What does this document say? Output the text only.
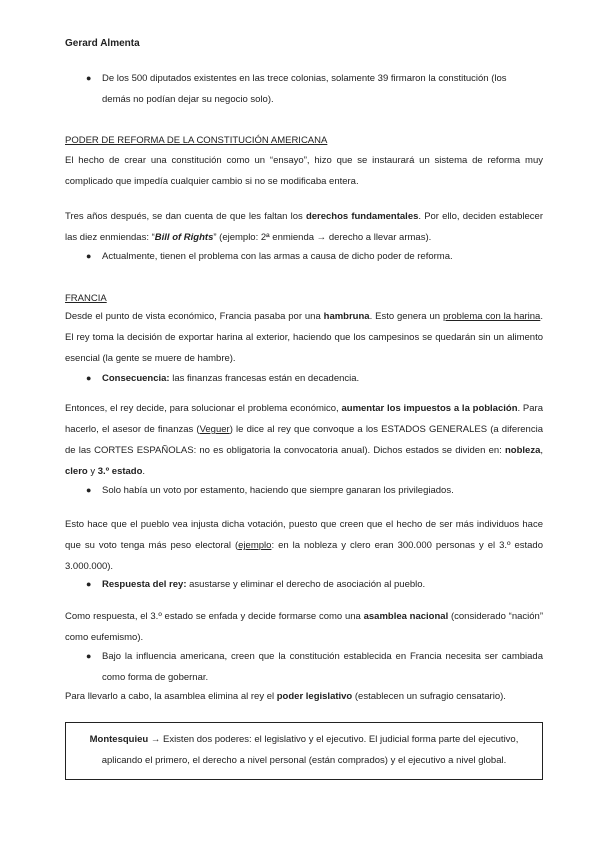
Gerard Almenta
● De los 500 diputados existentes en las trece colonias, solamente 39 firmaron la constitución (los
demás no podían dejar su negocio solo).
PODER DE REFORMA DE LA CONSTITUCIÓN AMERICANA
El hecho de crear una constitución como un “ensayo”, hizo que se instaurará un sistema de reforma muy complicado que impedía cualquier cambio si no se modificaba entera.
Tres años después, se dan cuenta de que les faltan los derechos fundamentales. Por ello, deciden establecer las diez enmiendas: “Bill of Rights” (ejemplo: 2ª enmienda → derecho a llevar armas).
● Actualmente, tienen el problema con las armas a causa de dicho poder de reforma.
FRANCIA
Desde el punto de vista económico, Francia pasaba por una hambruna. Esto genera un problema con la harina. El rey toma la decisión de exportar harina al exterior, haciendo que los campesinos se quedarán sin un alimento esencial (la gente se muere de hambre).
● Consecuencia: las finanzas francesas están en decadencia.
Entonces, el rey decide, para solucionar el problema económico, aumentar los impuestos a la población. Para hacerlo, el asesor de finanzas (Veguer) le dice al rey que convoque a los ESTADOS GENERALES (a diferencia de las CORTES ESPAÑOLAS: no es obligatoria la convocatoria anual). Dichos estados se dividen en: nobleza, clero y 3.º estado.
● Solo había un voto por estamento, haciendo que siempre ganaran los privilegiados.
Esto hace que el pueblo vea injusta dicha votación, puesto que creen que el hecho de ser más individuos hace que su voto tenga más peso electoral (ejemplo: en la nobleza y clero eran 300.000 personas y el 3.º estado 3.000.000).
● Respuesta del rey: asustarse y eliminar el derecho de asociación al pueblo.
Como respuesta, el 3.º estado se enfada y decide formarse como una asamblea nacional (considerado “nación” como eufemismo).
● Bajo la influencia americana, creen que la constitución establecida en Francia necesita ser cambiada como forma de gobernar.
Para llevarlo a cabo, la asamblea elimina al rey el poder legislativo (establecen un sufragio censatario).
Montesquieu → Existen dos poderes: el legislativo y el ejecutivo. El judicial forma parte del ejecutivo, aplicando el primero, el derecho a nivel personal (están comprados) y el ejecutivo a nivel global.
